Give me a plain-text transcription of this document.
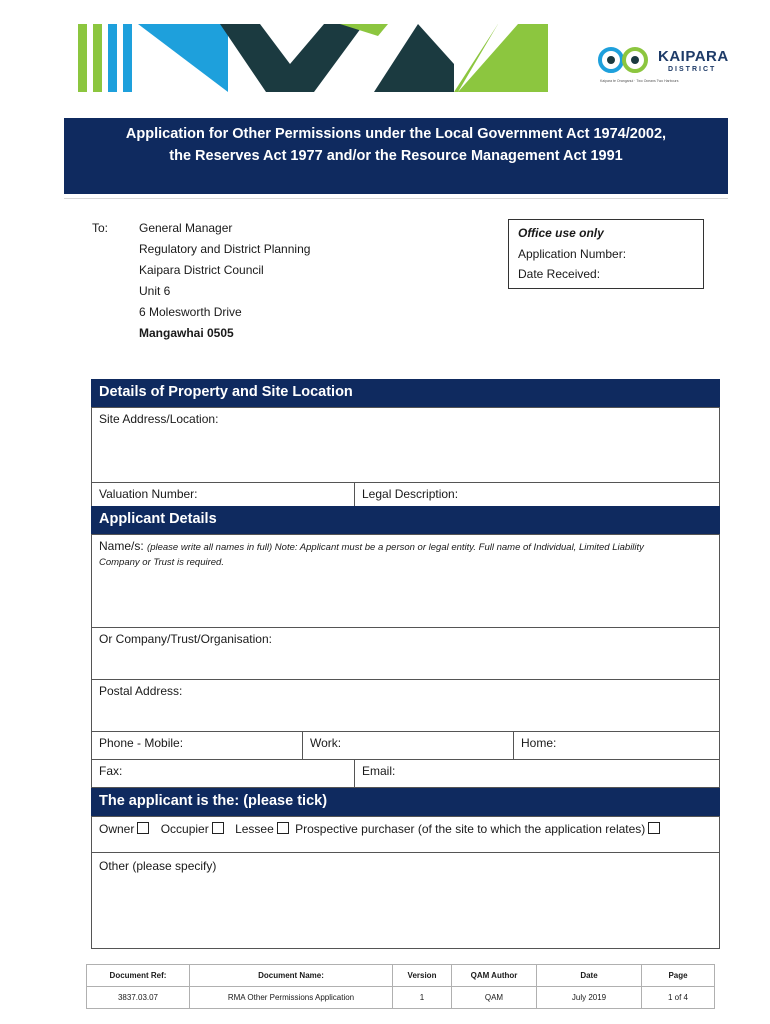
KAIPARA
DISTRICT
Kaipara te Oranganui · Two Oceans Two Harbours
Application for Other Permissions under the Local Government Act 1974/2002,
the Reserves Act 1977 and/or the Resource Management Act 1991
To:	General Manager
Regulatory and District Planning
Kaipara District Council
Unit 6
6 Molesworth Drive
Mangawhai 0505
Office use only
Application Number:
Date Received:
Details of Property and Site Location
Site Address/Location:
Valuation Number:	Legal Description:
Applicant Details
Name/s: (please write all names in full) Note: Applicant must be a person or legal entity. Full name of Individual, Limited Liability
Company or Trust is required.
Or Company/Trust/Organisation:
Postal Address:
Phone - Mobile:	Work:	Home:
Fax:	Email:
The applicant is the: (please tick)
Owner Occupier Lessee Prospective purchaser (of the site to which the application relates)
Other (please specify)
Document Ref:	Document Name:	Version	QAM Author	Date	Page
3837.03.07	RMA Other Permissions Application	1	QAM	July 2019	1 of 4
